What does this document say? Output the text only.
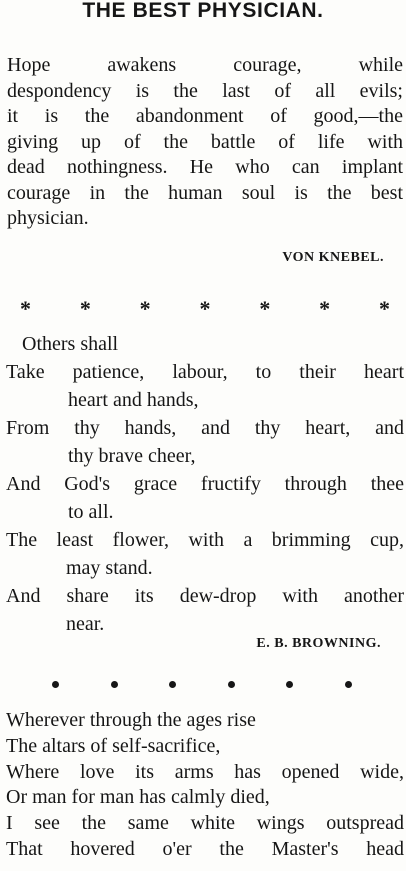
THE BEST PHYSICIAN.
Hope awakens courage, while
despondency is the last of all evils;
it is the abandonment of good,—the
giving up of the battle of life with
dead nothingness. He who can implant
courage in the human soul is the best
physician.

VON KNEBEL.

* * * * * * *
Others shall
Take patience, labour, to their heart
heart and hands,
From thy hands, and thy heart, and
thy brave cheer,
And God's grace fructify through thee
to all.
The least flower, with a brimming cup,
may stand.
And share its dew-drop with another
near.

E. B. BROWNING.

Wherever through the ages rise
The altars of self-sacrifice,
Where love its arms has opened wide,
Or man for man has calmly died,
I see the same white wings outspread
That hovered o'er the Master's head
